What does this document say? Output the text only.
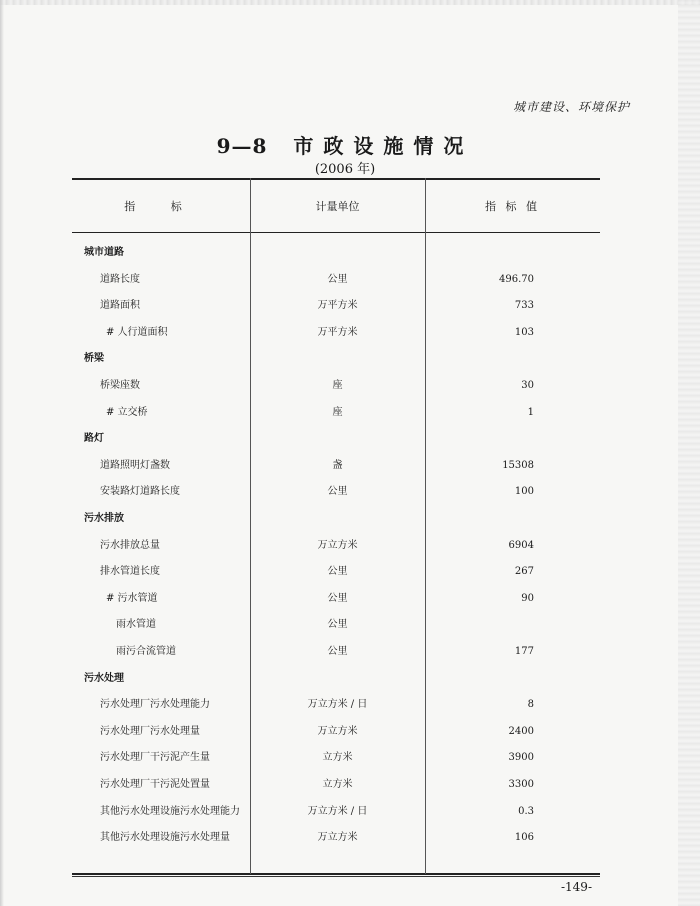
城市建设、环境保护
9—8 市政设施情况
(2006 年)
指 标	计量单位	指 标 值
城市道路
道路长度	公里	496.70
道路面积	万平方米	733
# 人行道面积	万平方米	103
桥梁
桥梁座数	座	30
# 立交桥	座	1
路灯
道路照明灯盏数	盏	15308
安装路灯道路长度	公里	100
污水排放
污水排放总量	万立方米	6904
排水管道长度	公里	267
# 污水管道	公里	90
雨水管道	公里
雨污合流管道	公里	177
污水处理
污水处理厂污水处理能力	万立方米 / 日	8
污水处理厂污水处理量	万立方米	2400
污水处理厂干污泥产生量	立方米	3900
污水处理厂干污泥处置量	立方米	3300
其他污水处理设施污水处理能力	万立方米 / 日	0.3
其他污水处理设施污水处理量	万立方米	106
-149-
